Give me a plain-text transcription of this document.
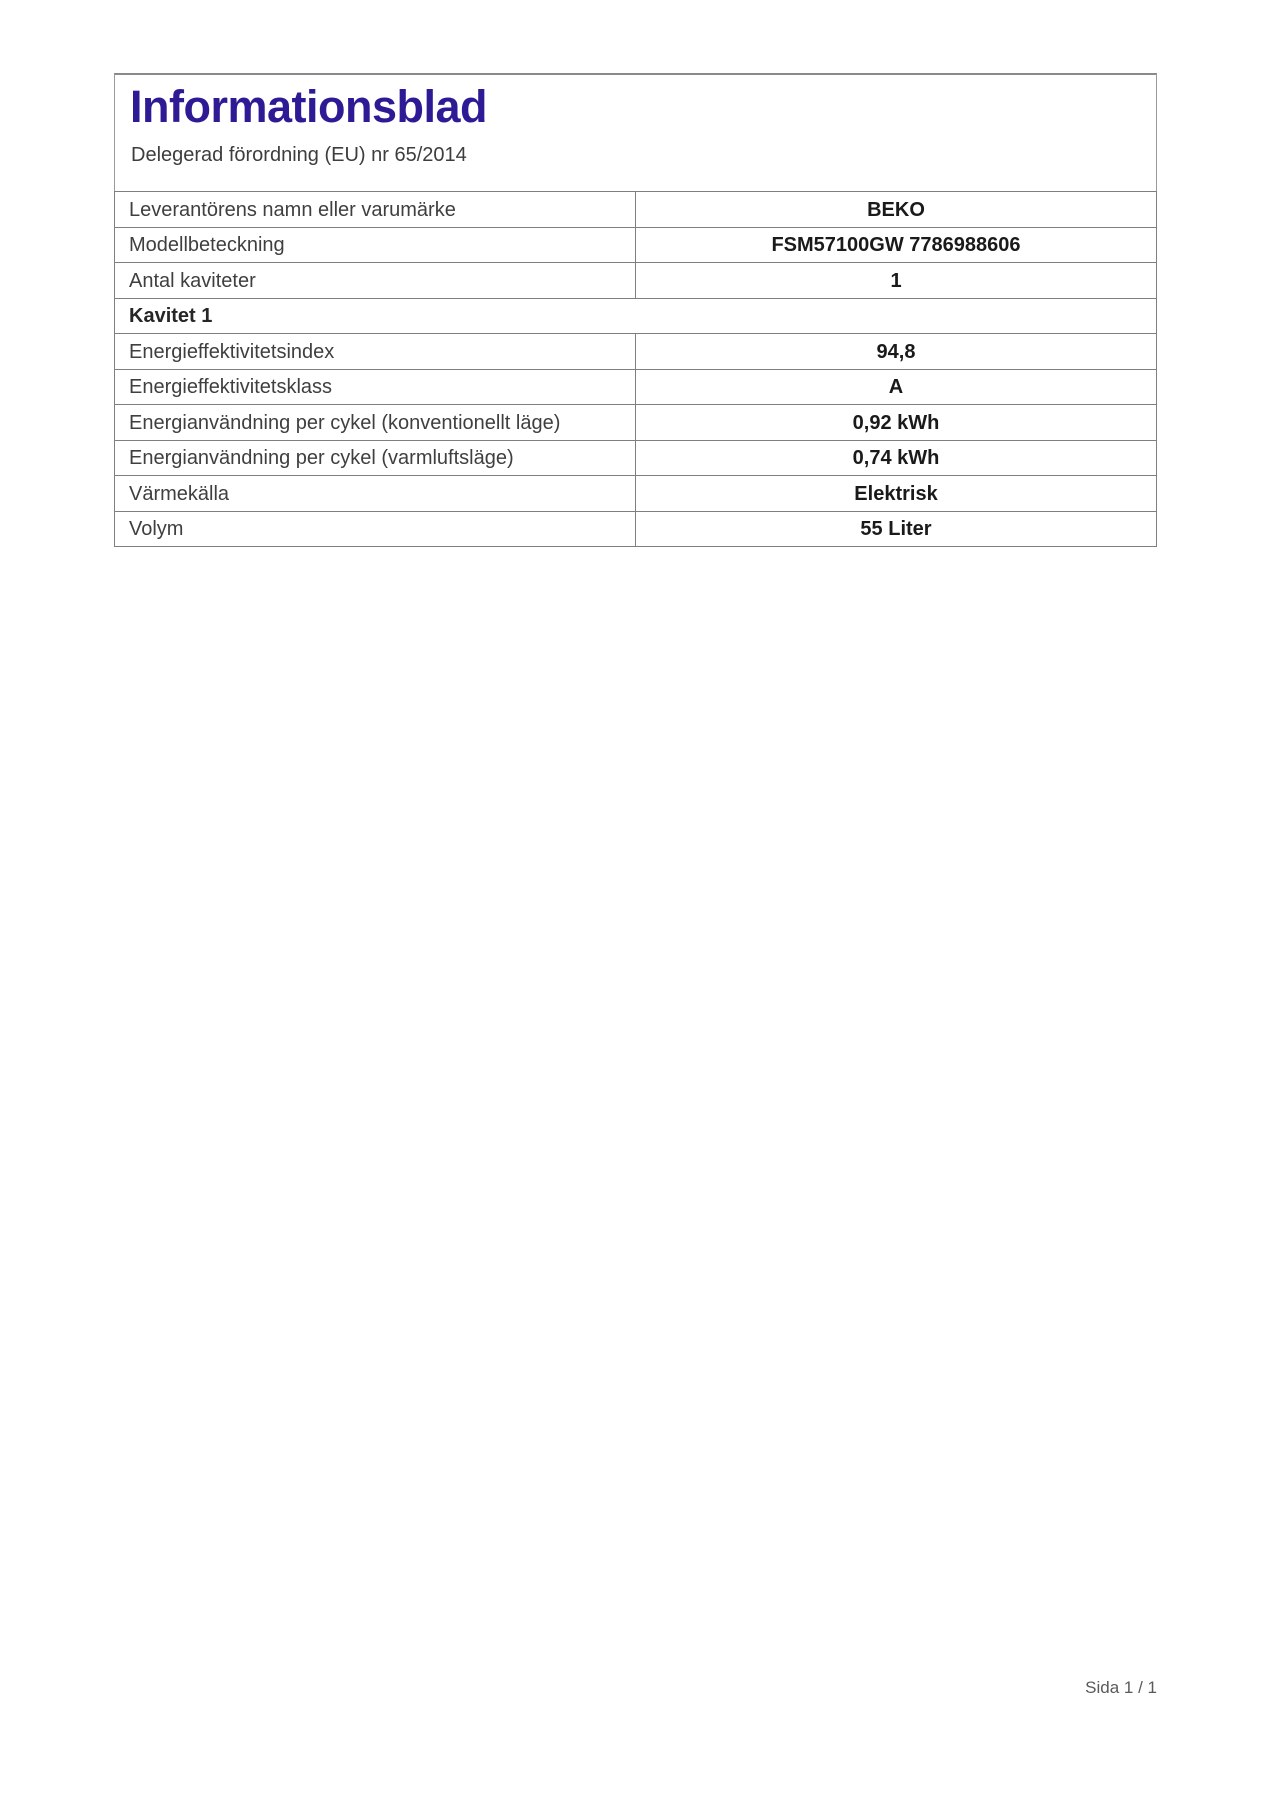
Informationsblad
Delegerad förordning (EU) nr 65/2014
Leverantörens namn eller varumärke	BEKO
Modellbeteckning	FSM57100GW 7786988606
Antal kaviteter	1
Kavitet 1	
Energieffektivitetsindex	94,8
Energieffektivitetsklass	A
Energianvändning per cykel (konventionellt läge)	0,92 kWh
Energianvändning per cykel (varmluftsläge)	0,74 kWh
Värmekälla	Elektrisk
Volym	55 Liter
Sida 1 / 1
